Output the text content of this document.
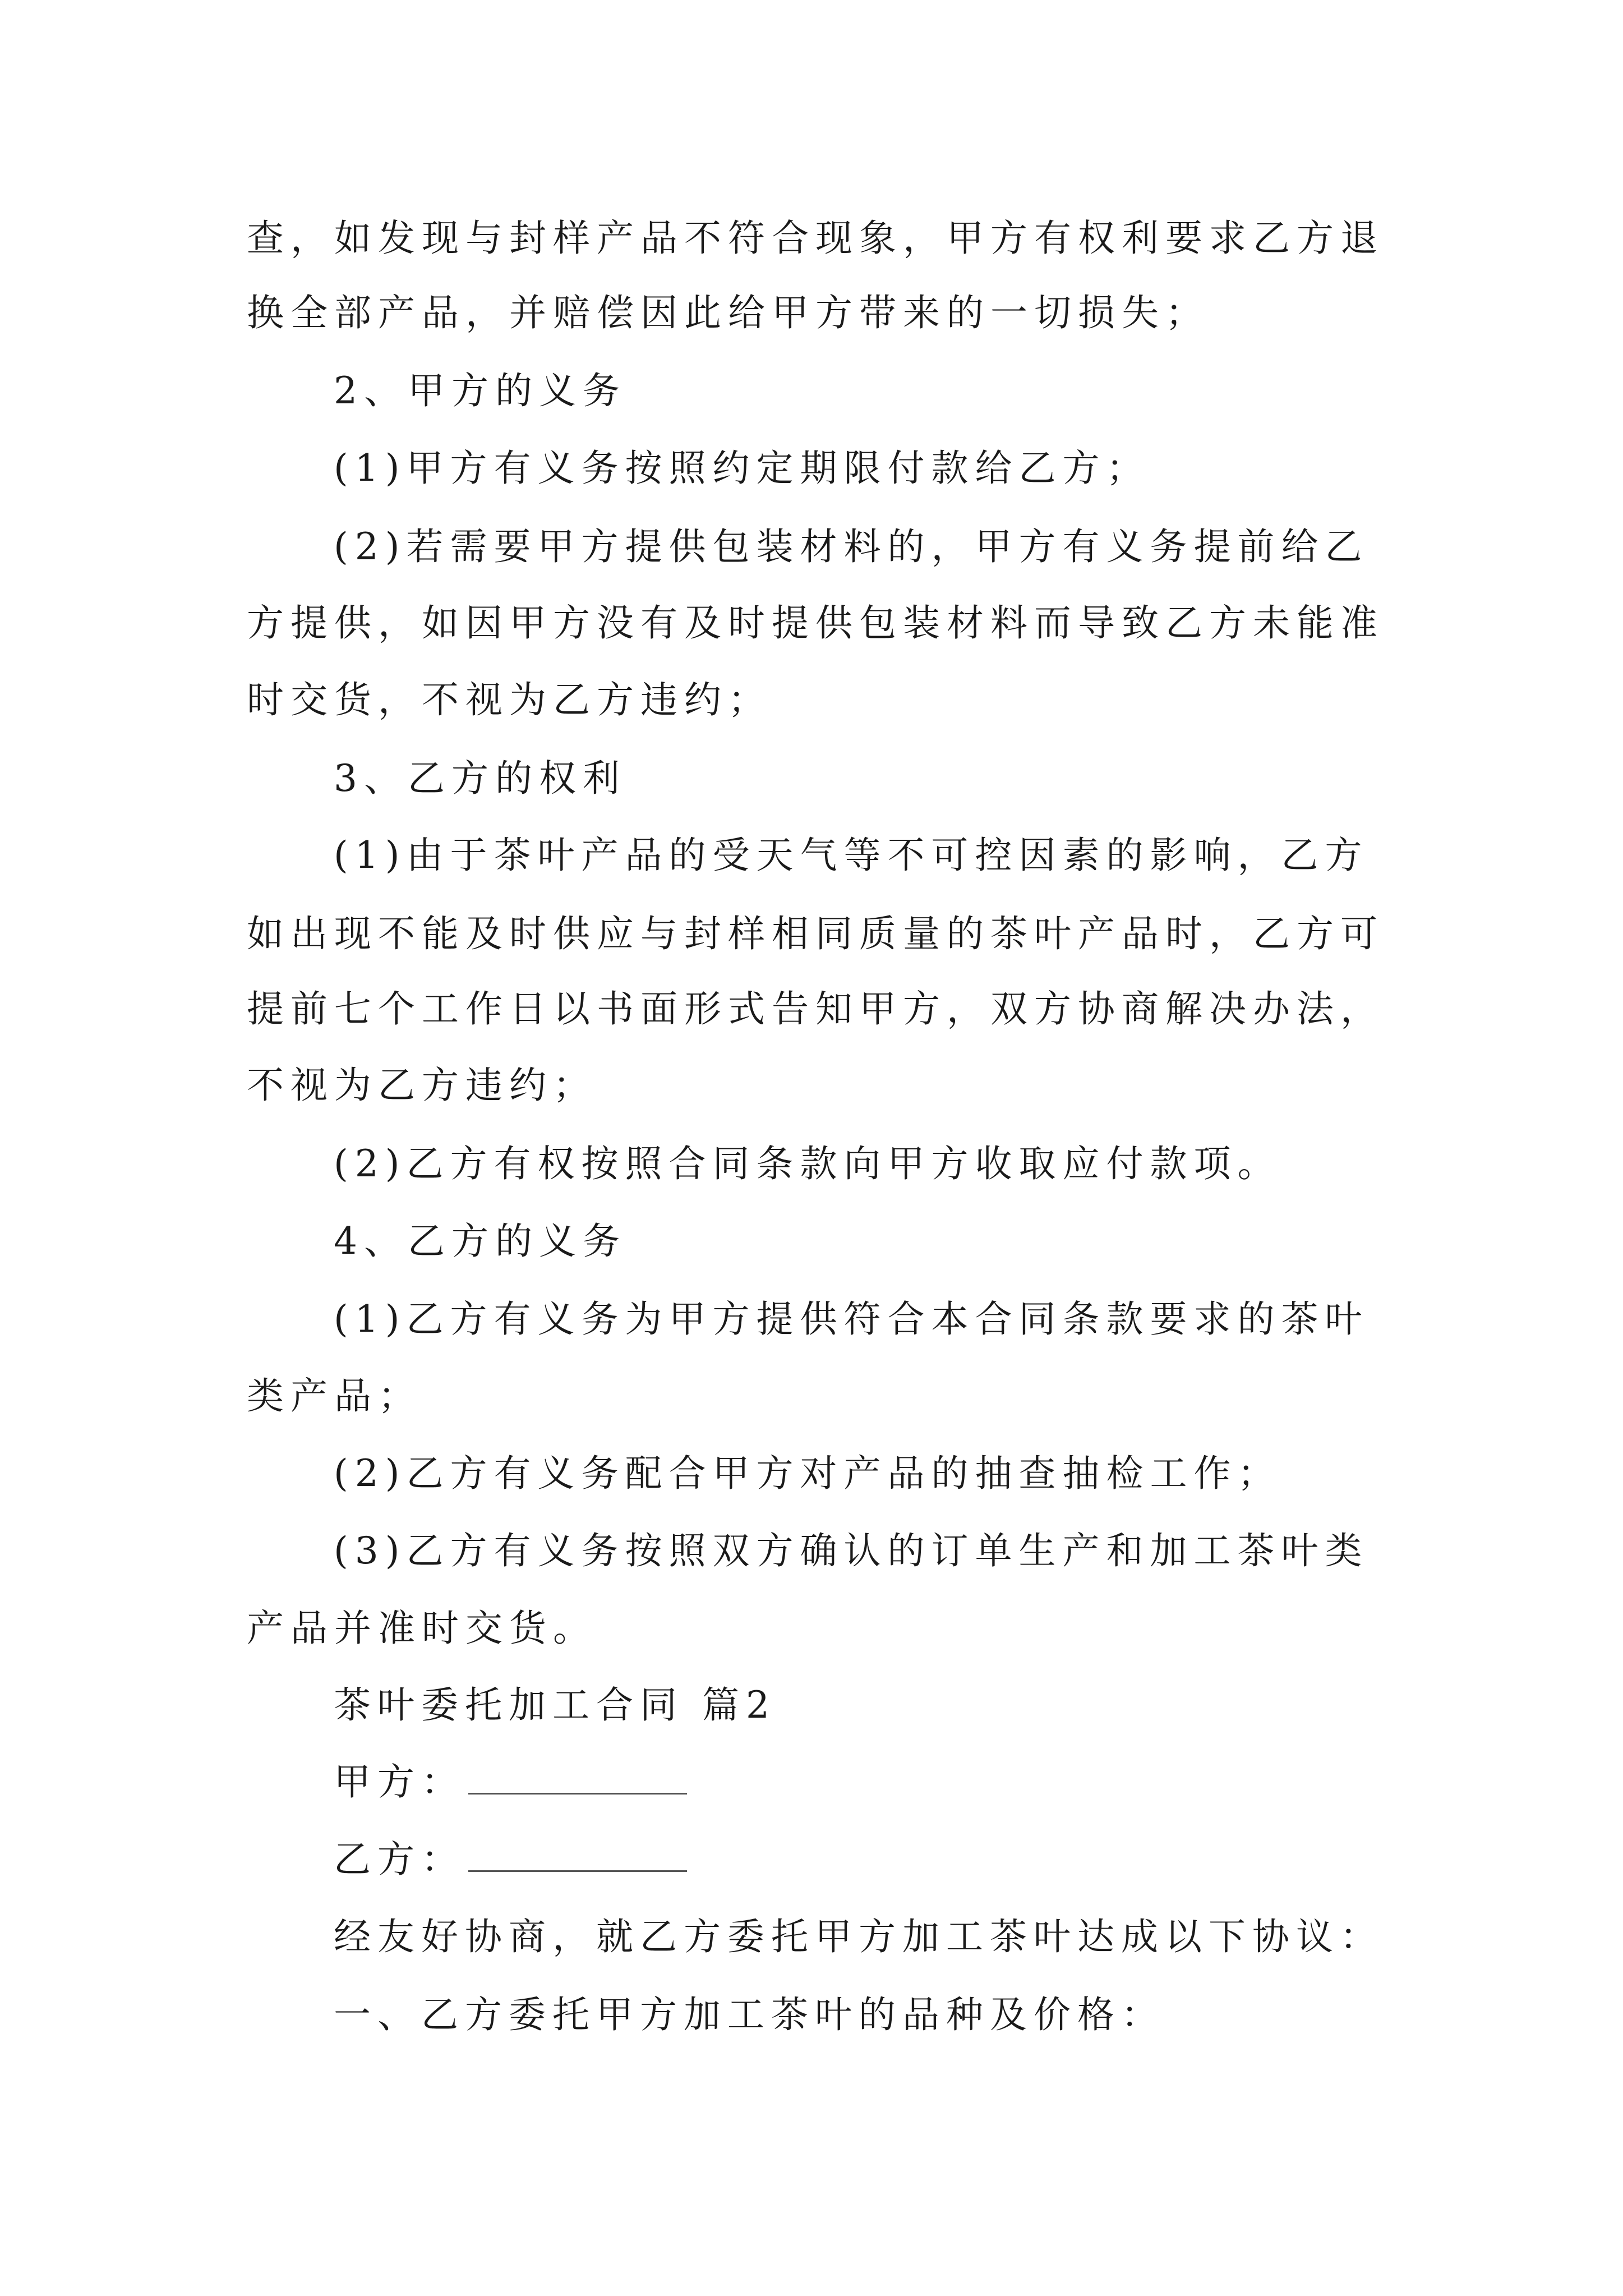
查，如发现与封样产品不符合现象，甲方有权利要求乙方退
换全部产品，并赔偿因此给甲方带来的一切损失；
2、甲方的义务
(1)甲方有义务按照约定期限付款给乙方；
(2)若需要甲方提供包装材料的，甲方有义务提前给乙
方提供，如因甲方没有及时提供包装材料而导致乙方未能准
时交货，不视为乙方违约；
3、乙方的权利
(1)由于茶叶产品的受天气等不可控因素的影响，乙方
如出现不能及时供应与封样相同质量的茶叶产品时，乙方可
提前七个工作日以书面形式告知甲方，双方协商解决办法，
不视为乙方违约；
(2)乙方有权按照合同条款向甲方收取应付款项。
4、乙方的义务
(1)乙方有义务为甲方提供符合本合同条款要求的茶叶
类产品；
(2)乙方有义务配合甲方对产品的抽查抽检工作；
(3)乙方有义务按照双方确认的订单生产和加工茶叶类
产品并准时交货。
茶叶委托加工合同 篇2
甲方：
乙方：
经友好协商，就乙方委托甲方加工茶叶达成以下协议：
一、乙方委托甲方加工茶叶的品种及价格：
